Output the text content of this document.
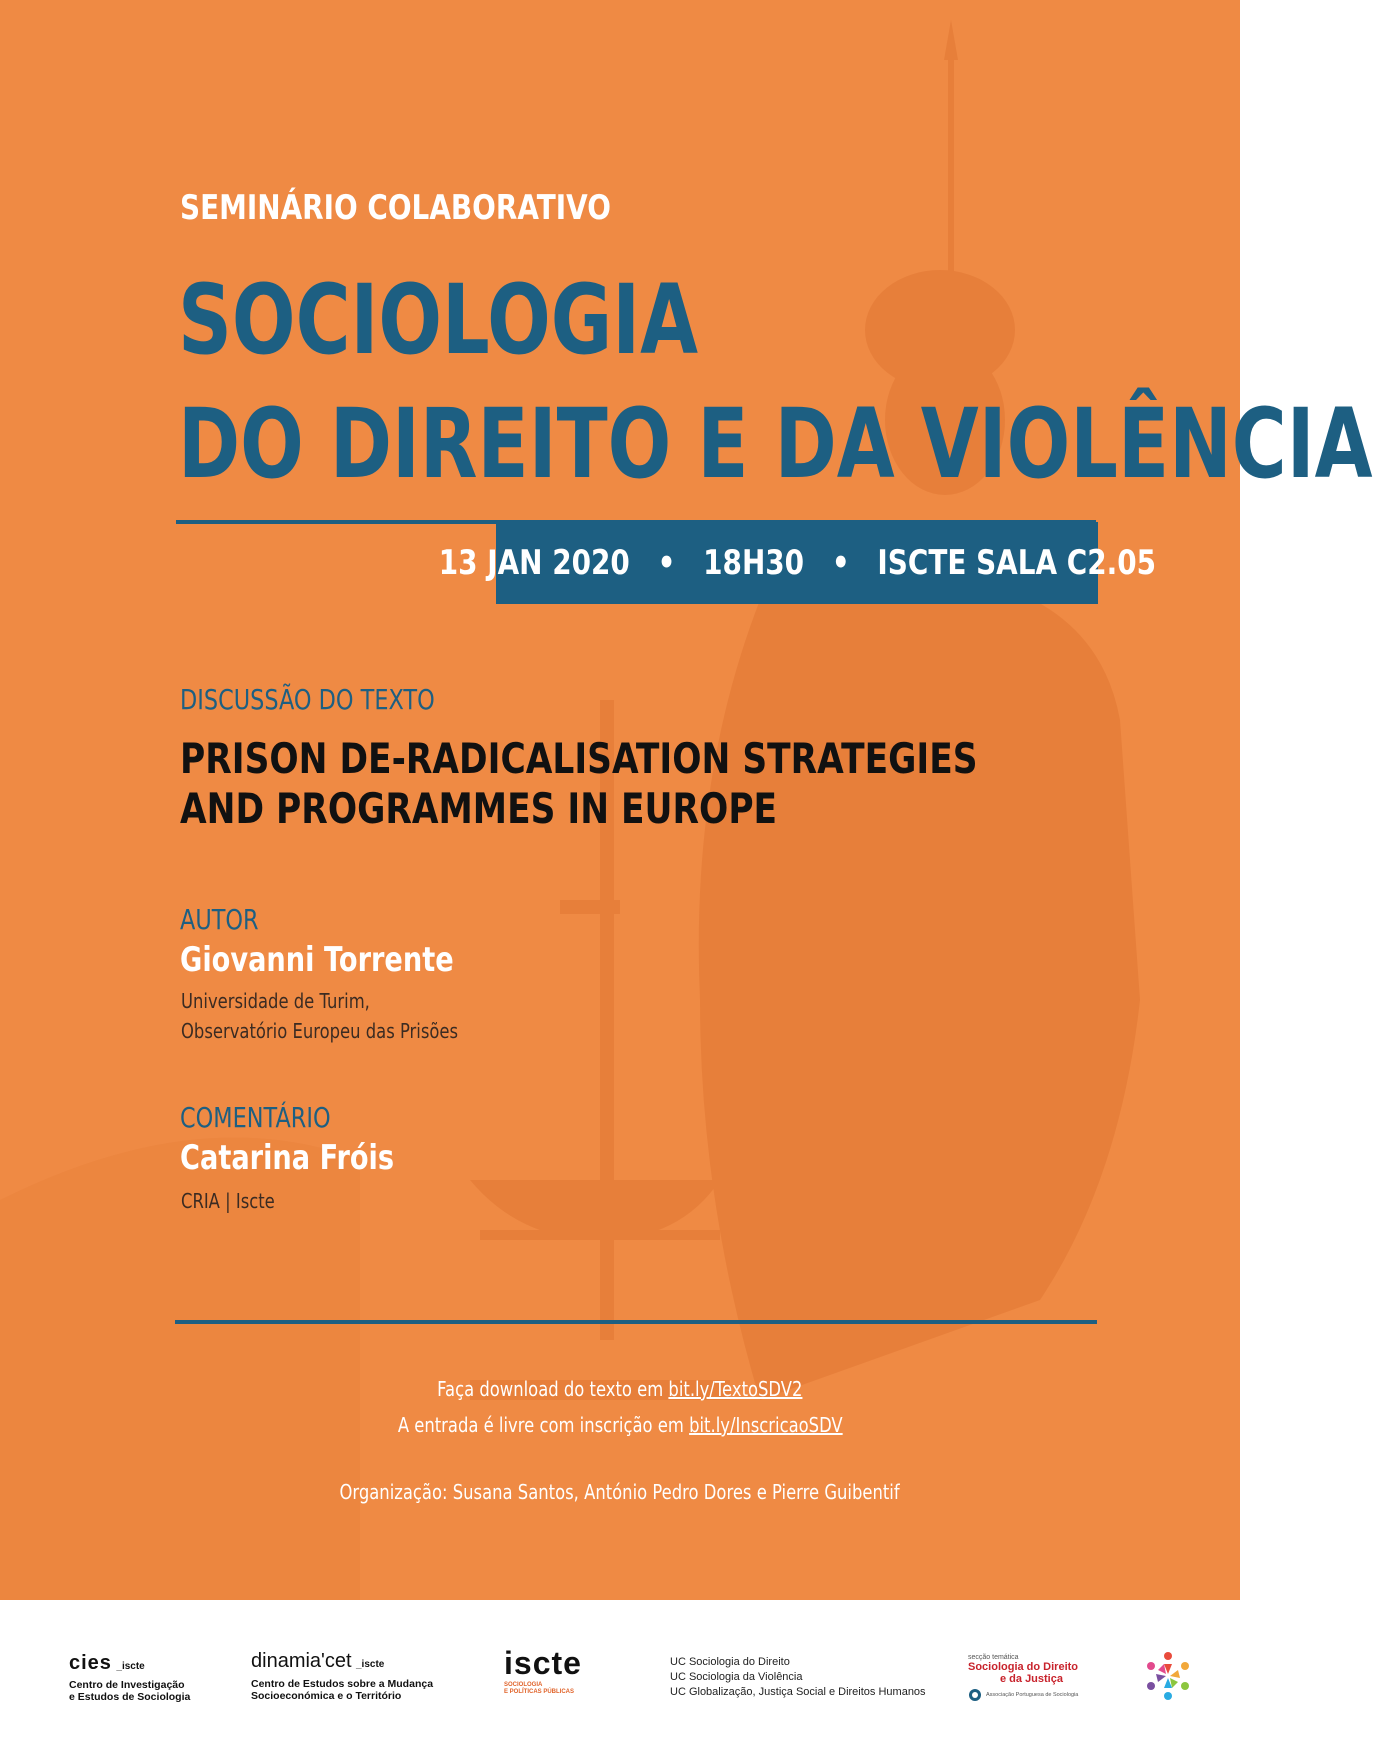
SEMINÁRIO COLABORATIVO
SOCIOLOGIA
DO DIREITO E DA VIOLÊNCIA
13 JAN 2020 • 18H30 • ISCTE SALA C2.05
DISCUSSÃO DO TEXTO
PRISON DE-RADICALISATION STRATEGIES
AND PROGRAMMES IN EUROPE
AUTOR
Giovanni Torrente
Universidade de Turim,
Observatório Europeu das Prisões
COMENTÁRIO
Catarina Fróis
CRIA | Iscte
Faça download do texto em bit.ly/TextoSDV2
A entrada é livre com inscrição em bit.ly/InscricaoSDV
Organização: Susana Santos, António Pedro Dores e Pierre Guibentif
cies _iscte
Centro de Investigação
e Estudos de Sociologia
dinamia'cet _iscte
Centro de Estudos sobre a Mudança
Socioeconómica e o Território
iscte
SOCIOLOGIA
E POLÍTICAS PÚBLICAS
UC Sociologia do Direito
UC Sociologia da Violência
UC Globalização, Justiça Social e Direitos Humanos
secção temática
Sociologia do Direito
e da Justiça
Associação Portuguesa de Sociologia
